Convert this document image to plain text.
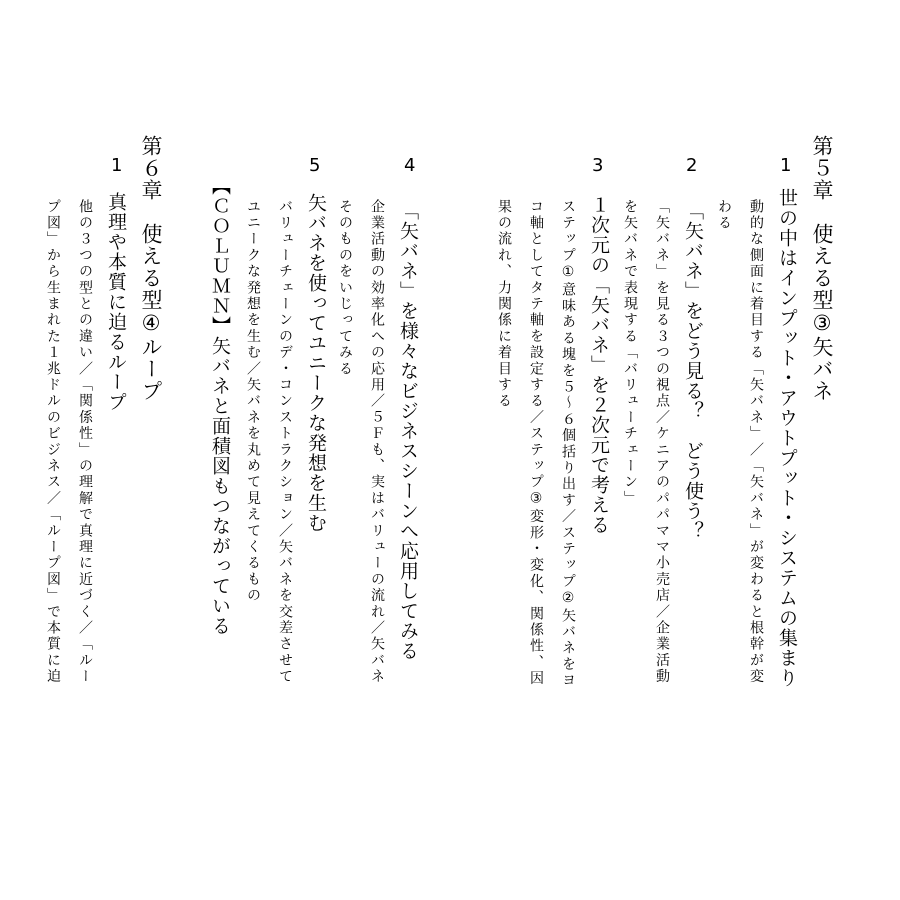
第５章　使える型③矢バネ
1
世の中はインプット・アウトプット・システムの集まり
動的な側面に着目する「矢バネ」／「矢バネ」が変わると根幹が変
わる
2
「矢バネ」をどう見る？　どう使う？
「矢バネ」を見る３つの視点／ケニアのパパママ小売店／企業活動
を矢バネで表現する「バリューチェーン」
3
１次元の「矢バネ」を２次元で考える
ステップ①意味ある塊を５～６個括り出す／ステップ②矢バネをヨ
コ軸としてタテ軸を設定する／ステップ③変形・変化、関係性、因
果の流れ、力関係に着目する
4
「矢バネ」を様々なビジネスシーンへ応用してみる
企業活動の効率化への応用／５Ｆも、実はバリューの流れ／矢バネ
そのものをいじってみる
5
矢バネを使ってユニークな発想を生む
バリューチェーンのデ・コンストラクション／矢バネを交差させて
ユニークな発想を生む／矢バネを丸めて見えてくるもの
【ＣＯＬＵＭＮ】矢バネと面積図もつながっている
第６章　使える型④ループ
1
真理や本質に迫るループ
他の３つの型との違い／「関係性」の理解で真理に近づく／「ルー
プ図」から生まれた１兆ドルのビジネス／「ループ図」で本質に迫
